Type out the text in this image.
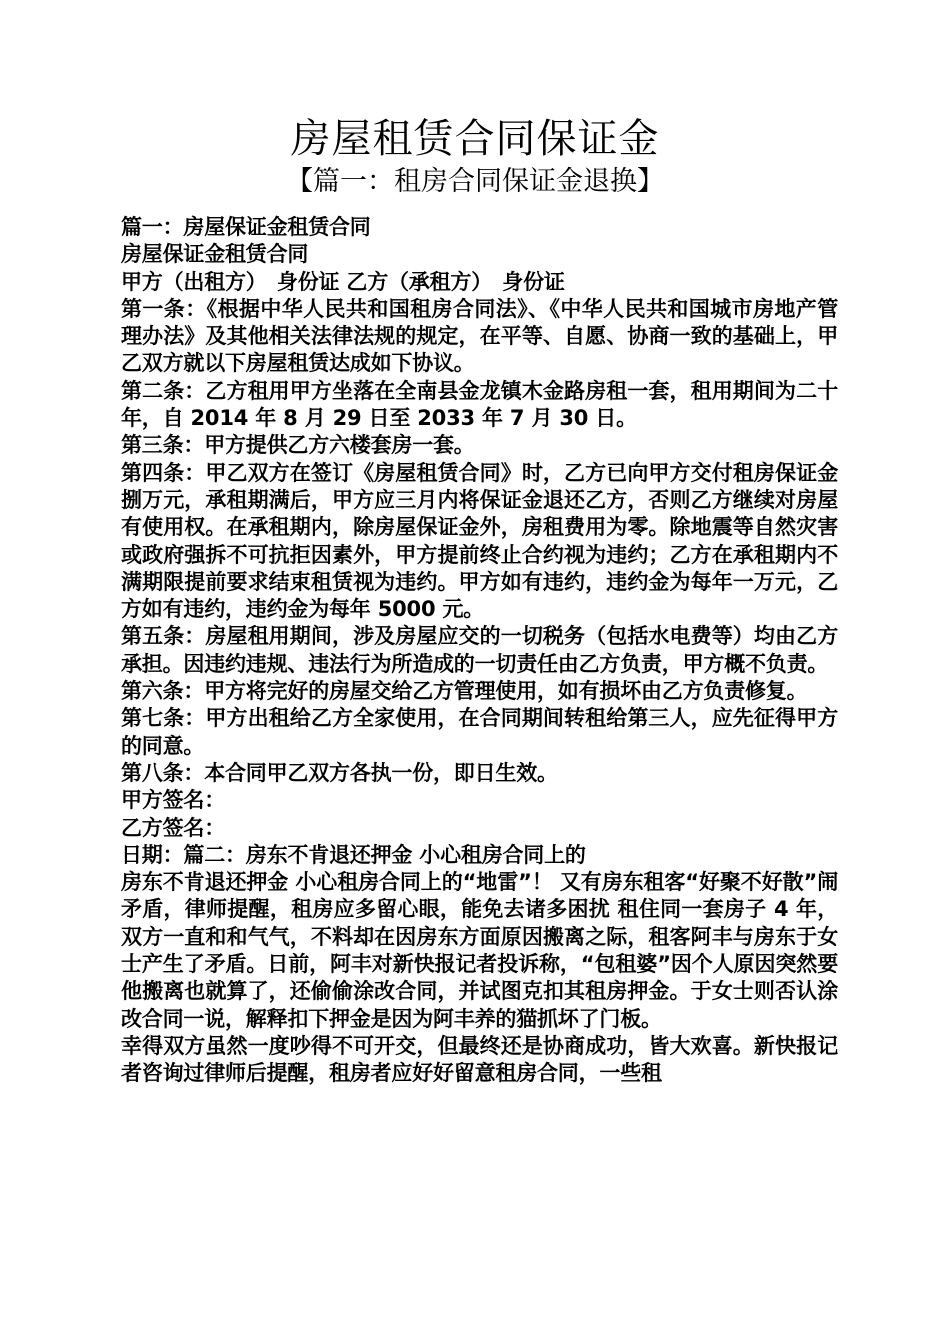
房屋租赁合同保证金
【篇一：租房合同保证金退换】

篇一：房屋保证金租赁合同

房屋保证金租赁合同

甲方（出租方）　身份证 乙方（承租方）　身份证

第一条：《根据中华人民共和国租房合同法》、《中华人民共和国城市房地产管理办法》及其他相关法律法规的规定，在平等、自愿、协商一致的基础上，甲乙双方就以下房屋租赁达成如下协议。

第二条：乙方租用甲方坐落在全南县金龙镇木金路房租一套，租用期间为二十年，自 2014 年 8 月 29 日至 2033 年 7 月 30 日。

第三条：甲方提供乙方六楼套房一套。

第四条：甲乙双方在签订《房屋租赁合同》时，乙方已向甲方交付租房保证金捌万元，承租期满后，甲方应三月内将保证金退还乙方，否则乙方继续对房屋有使用权。在承租期内，除房屋保证金外，房租费用为零。除地震等自然灾害或政府强拆不可抗拒因素外，甲方提前终止合约视为违约；乙方在承租期内不满期限提前要求结束租赁视为违约。甲方如有违约，违约金为每年一万元，乙方如有违约，违约金为每年 5000 元。

第五条：房屋租用期间，涉及房屋应交的一切税务（包括水电费等）均由乙方承担。因违约违规、违法行为所造成的一切责任由乙方负责，甲方概不负责。

第六条：甲方将完好的房屋交给乙方管理使用，如有损坏由乙方负责修复。

第七条：甲方出租给乙方全家使用，在合同期间转租给第三人，应先征得甲方的同意。

第八条：本合同甲乙双方各执一份，即日生效。

甲方签名：

乙方签名：

日期：篇二：房东不肯退还押金 小心租房合同上的

房东不肯退还押金 小心租房合同上的“地雷”！ 又有房东租客“好聚不好散”闹矛盾，律师提醒，租房应多留心眼，能免去诸多困扰 租住同一套房子 4 年，双方一直和和气气，不料却在因房东方面原因搬离之际，租客阿丰与房东于女士产生了矛盾。日前，阿丰对新快报记者投诉称，“包租婆”因个人原因突然要他搬离也就算了，还偷偷涂改合同，并试图克扣其租房押金。于女士则否认涂改合同一说，解释扣下押金是因为阿丰养的猫抓坏了门板。

幸得双方虽然一度吵得不可开交，但最终还是协商成功，皆大欢喜。新快报记者咨询过律师后提醒，租房者应好好留意租房合同，一些租
